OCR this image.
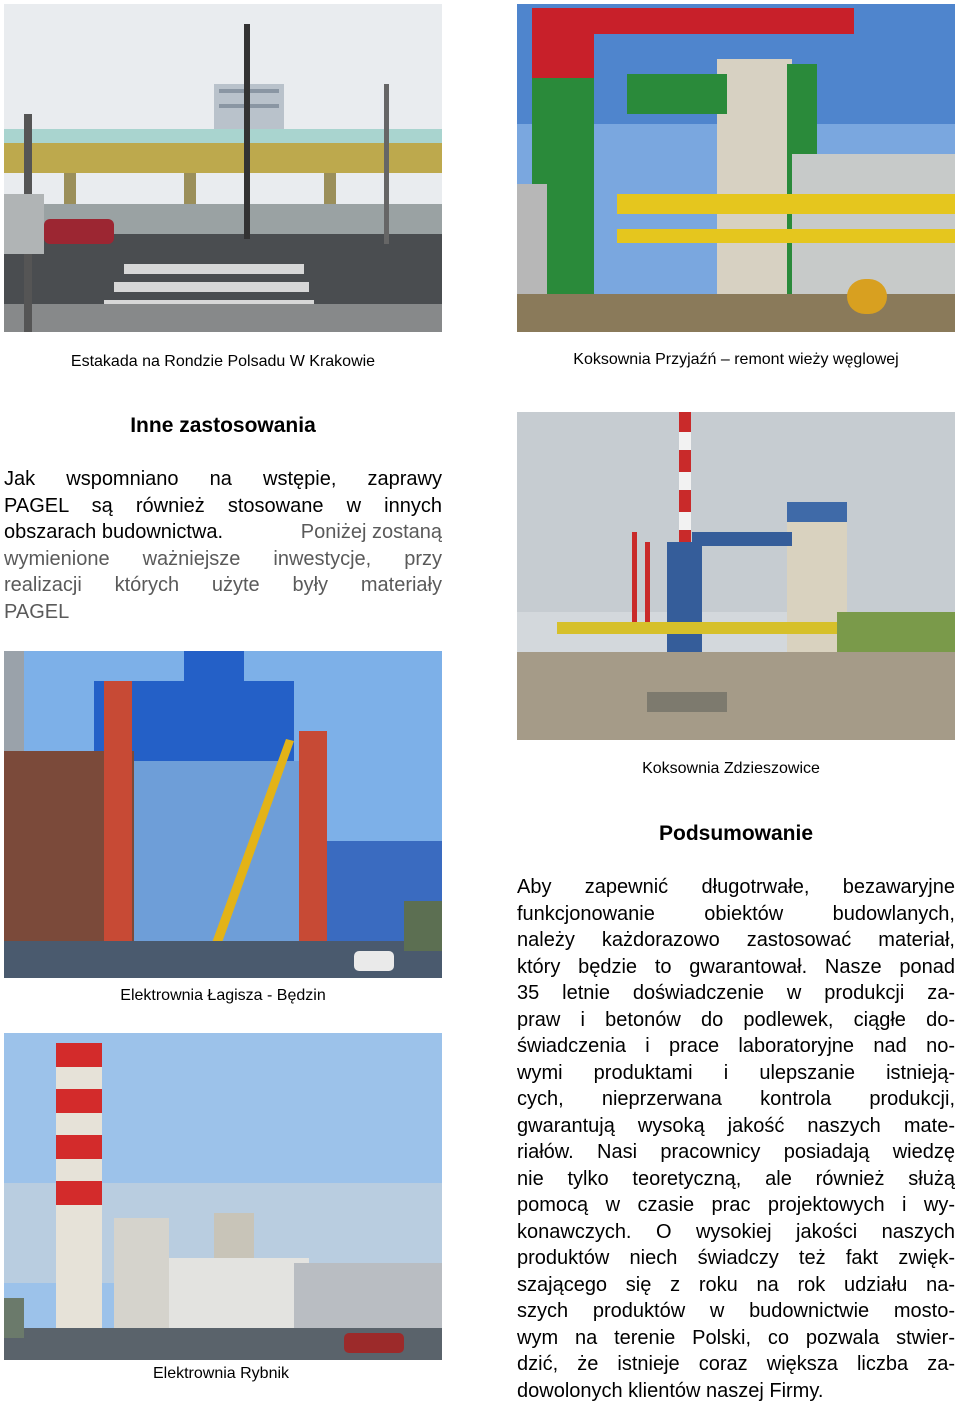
Estakada na Rondzie Polsadu W Krakowie	Koksownia Przyjaźń – remont wieży węglowej
Inne zastosowania
Jak wspomniano na wstępie, zaprawy
PAGEL są również stosowane w innych
obszarach budownictwa.	Poniżej zostaną
wymienione ważniejsze inwestycje, przy
realizacji których użyte były materiały
PAGEL
Koksownia Zdzieszowice
Elektrownia Łagisza - Będzin
Elektrownia Rybnik
Podsumowanie
Aby zapewnić długotrwałe, bezawaryjne
funkcjonowanie obiektów budowlanych,
należy każdorazowo zastosować materiał,
który będzie to gwarantował. Nasze ponad
35 letnie doświadczenie w produkcji za-
praw i betonów do podlewek, ciągłe do-
świadczenia i prace laboratoryjne nad no-
wymi produktami i ulepszanie istnieją-
cych, nieprzerwana kontrola produkcji,
gwarantują wysoką jakość naszych mate-
riałów. Nasi pracownicy posiadają wiedzę
nie tylko teoretyczną, ale również służą
pomocą w czasie prac projektowych i wy-
konawczych. O wysokiej jakości naszych
produktów niech świadczy też fakt zwięk-
szającego się z roku na rok udziału na-
szych produktów w budownictwie mosto-
wym na terenie Polski, co pozwala stwier-
dzić, że istnieje coraz większa liczba za-
dowolonych klientów naszej Firmy.
